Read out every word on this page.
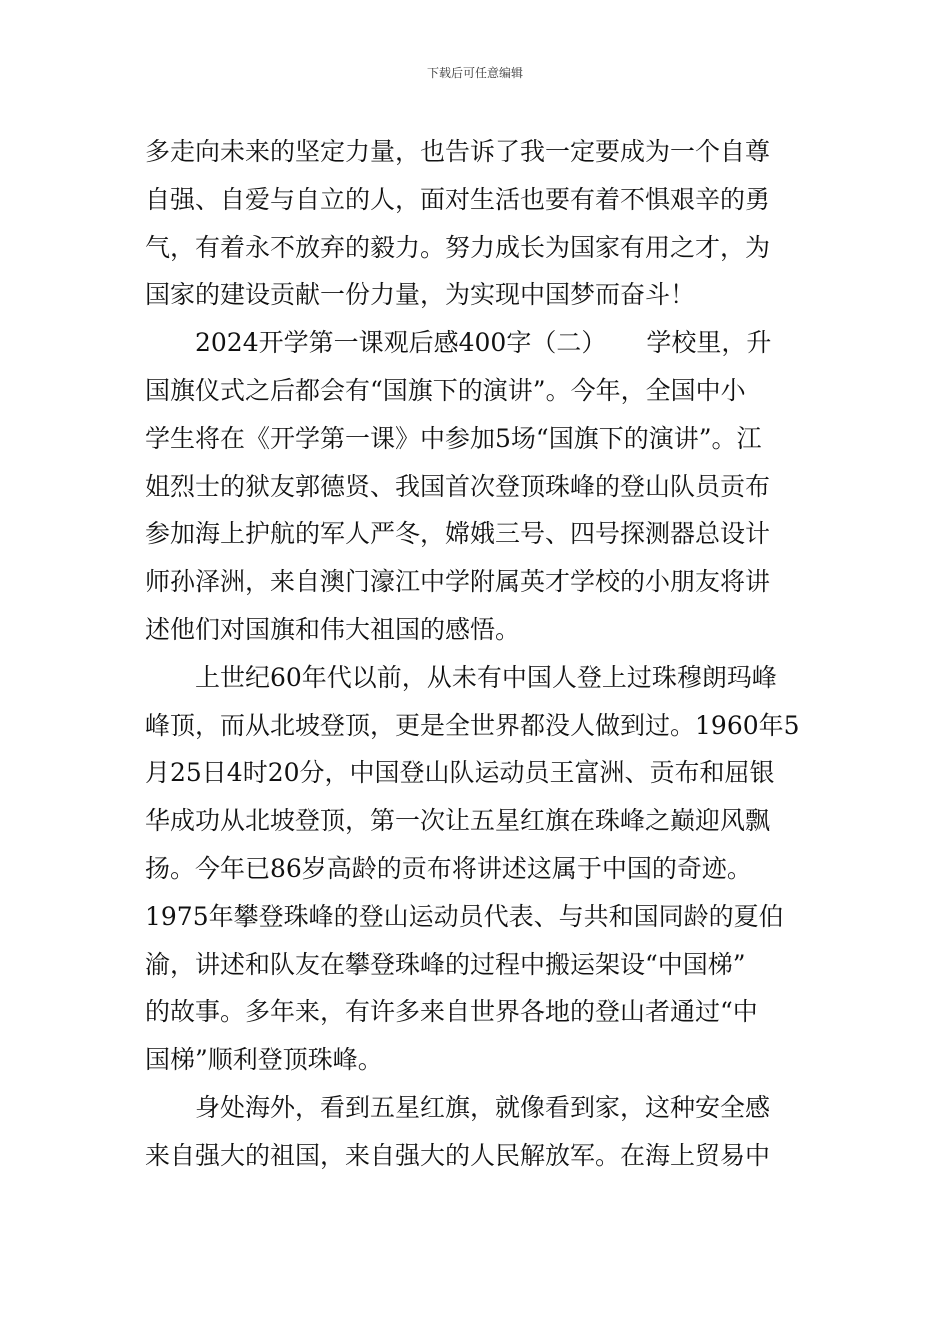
下载后可任意编辑
多走向未来的坚定力量，也告诉了我一定要成为一个自尊
自强、自爱与自立的人，面对生活也要有着不惧艰辛的勇
气，有着永不放弃的毅力。努力成长为国家有用之才，为
国家的建设贡献一份力量，为实现中国梦而奋斗！
　　2024开学第一课观后感400字（二） 学校里，升
国旗仪式之后都会有“国旗下的演讲”。今年，全国中小
学生将在《开学第一课》中参加5场“国旗下的演讲”。江
姐烈士的狱友郭德贤、我国首次登顶珠峰的登山队员贡布
参加海上护航的军人严冬，嫦娥三号、四号探测器总设计
师孙泽洲，来自澳门濠江中学附属英才学校的小朋友将讲
述他们对国旗和伟大祖国的感悟。
　　上世纪60年代以前，从未有中国人登上过珠穆朗玛峰
峰顶，而从北坡登顶，更是全世界都没人做到过。1960年5
月25日4时20分，中国登山队运动员王富洲、贡布和屈银
华成功从北坡登顶，第一次让五星红旗在珠峰之巅迎风飘
扬。今年已86岁高龄的贡布将讲述这属于中国的奇迹。
1975年攀登珠峰的登山运动员代表、与共和国同龄的夏伯
渝，讲述和队友在攀登珠峰的过程中搬运架设“中国梯”
的故事。多年来，有许多来自世界各地的登山者通过“中
国梯”顺利登顶珠峰。
　　身处海外，看到五星红旗，就像看到家，这种安全感
来自强大的祖国，来自强大的人民解放军。在海上贸易中
